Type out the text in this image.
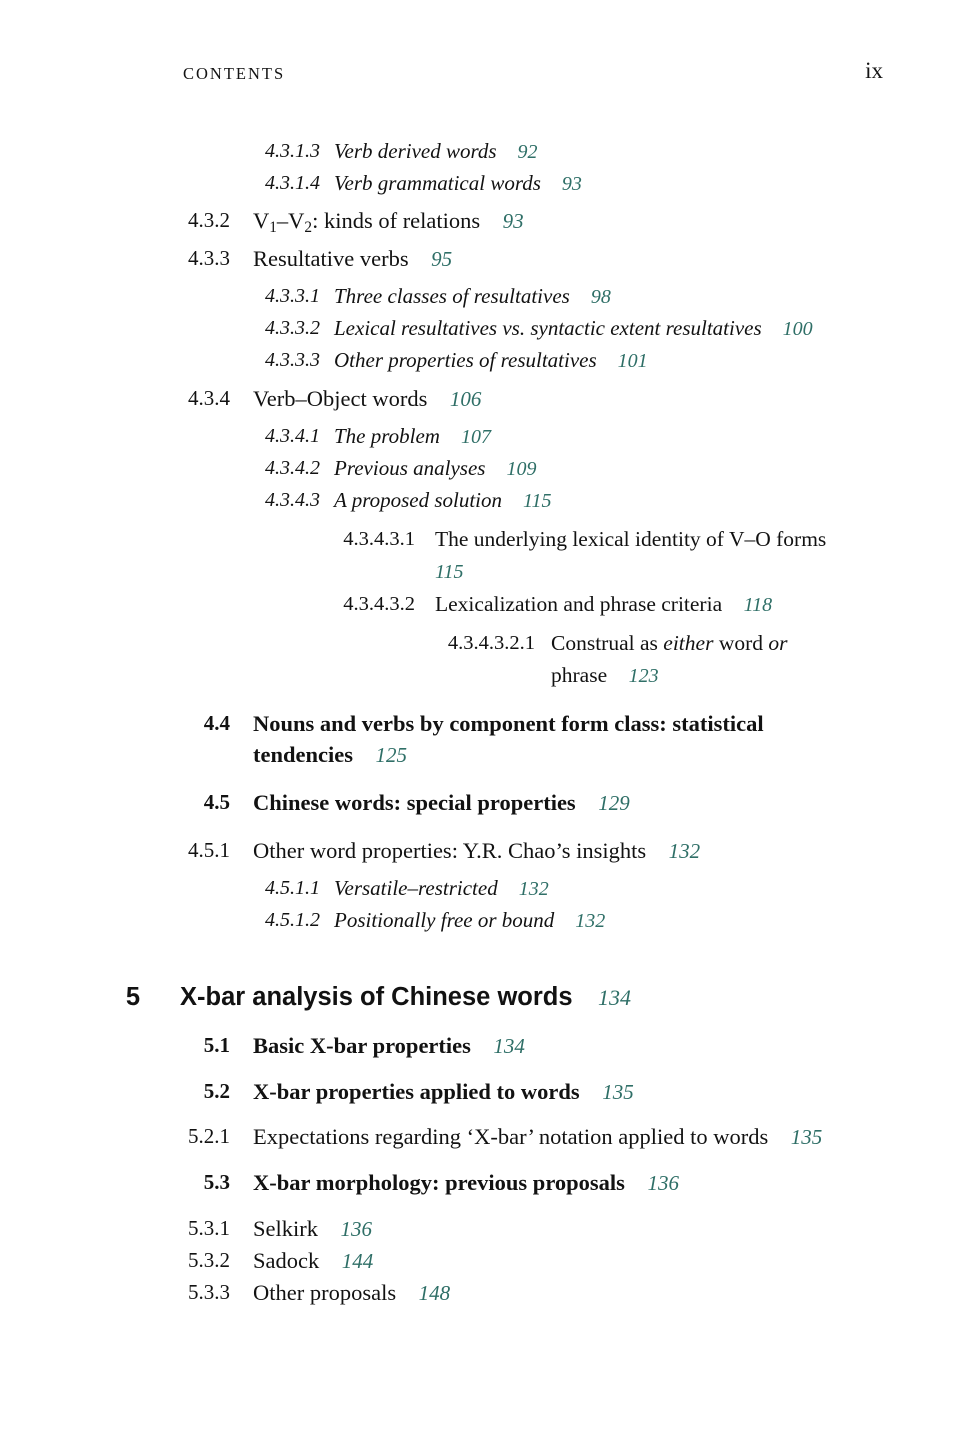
CONTENTS	ix
4.3.1.3 Verb derived words  92
4.3.1.4 Verb grammatical words  93
4.3.2 $V_1-V_2$: kinds of relations  93
4.3.3 Resultative verbs  95
4.3.3.1 Three classes of resultatives  98
4.3.3.2 Lexical resultatives vs. syntactic extent resultatives  100
4.3.3.3 Other properties of resultatives  101
4.3.4 Verb–Object words  106
4.3.4.1 The problem  107
4.3.4.2 Previous analyses  109
4.3.4.3 A proposed solution  115
4.3.4.3.1 The underlying lexical identity of V–O forms 115
4.3.4.3.2 Lexicalization and phrase criteria  118
4.3.4.3.2.1 Construal as either word or phrase  123
4.4 Nouns and verbs by component form class: statistical tendencies  125
4.5 Chinese words: special properties  129
4.5.1 Other word properties: Y.R. Chao’s insights  132
4.5.1.1 Versatile–restricted  132
4.5.1.2 Positionally free or bound  132
5 X-bar analysis of Chinese words  134
5.1 Basic X-bar properties  134
5.2 X-bar properties applied to words  135
5.2.1 Expectations regarding ‘X-bar’ notation applied to words  135
5.3 X-bar morphology: previous proposals  136
5.3.1 Selkirk  136
5.3.2 Sadock  144
5.3.3 Other proposals  148
